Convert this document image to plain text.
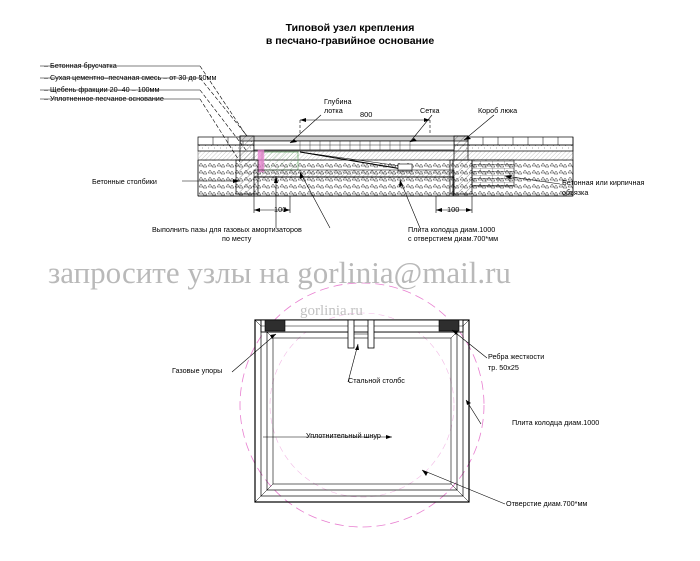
Типовой узел крепления
в песчано-гравийное основание
– Бетонная брусчатка
– Сухая цементно–песчаная смесь – от 30 до 50мм
– Щебень фракции 20–40 – 100мм
– Уплотненное песчаное основание	Глубина
лотка 800	Сетка	Короб люка
Бетонные столбики	Бетонная или кирпичная
обвязка
100	100
Выполнить пазы для газовых амортизаторов
по месту
Плита колодца диам.1000
с отверстием диам.700*мм
Газовые упоры
Ребра жесткости
тр. 50х25
Стальной столбс
Уплотнительный шнур
Плита колодца диам.1000
Отверстие диам.700*мм
запросите узлы на gorlinia@mail.ru
gorlinia.ru
